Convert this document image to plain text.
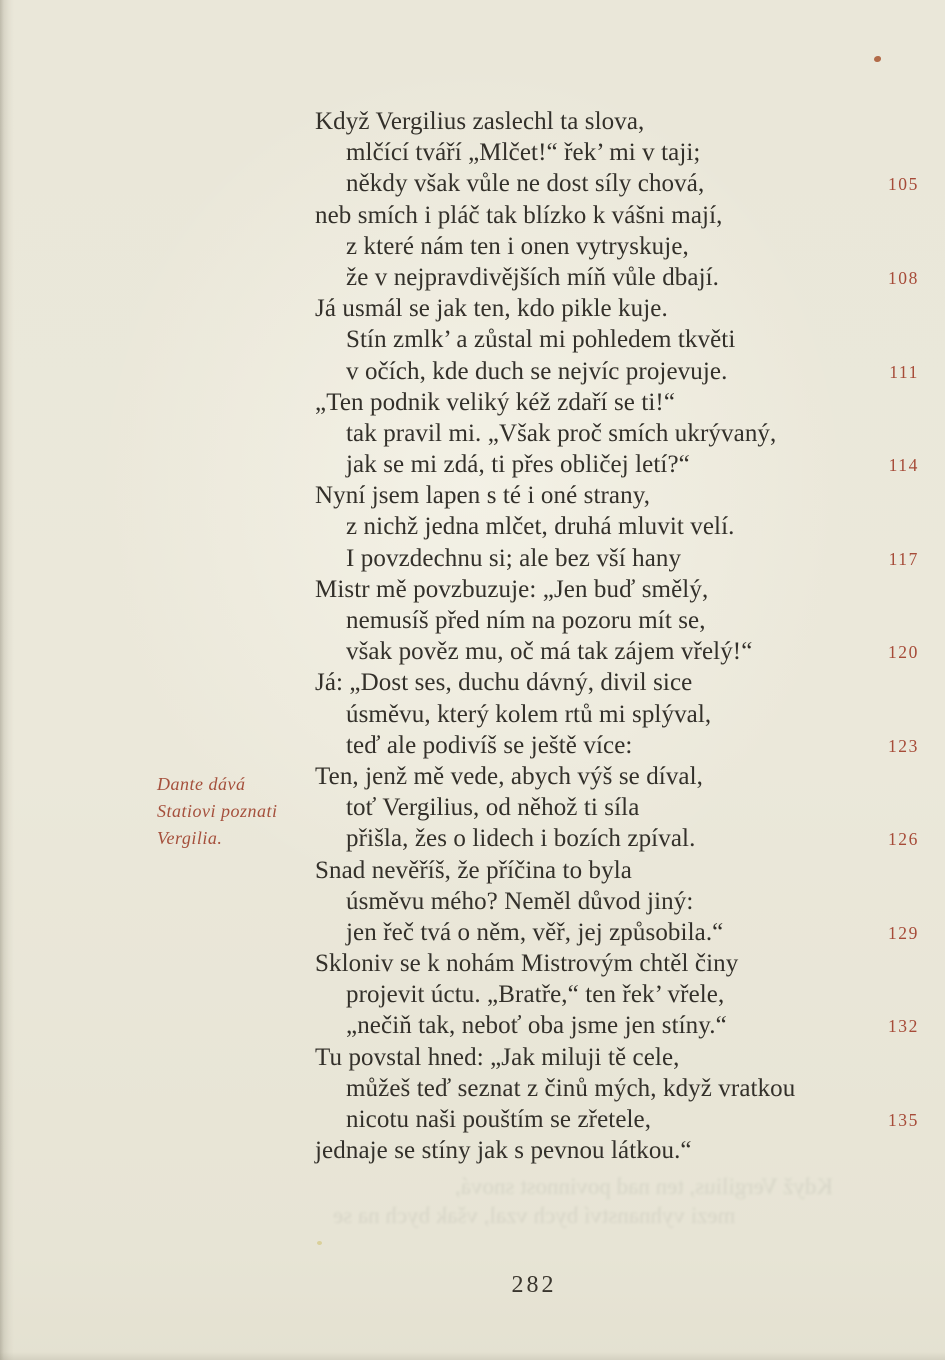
Když Vergilius, ten nad povinnost snová,
mezi vyhnanství bych vzal, však bych na se
Dante dává
Statiovi poznati
Vergilia.
Když Vergilius zaslechl ta slova,
mlčící tváří „Mlčet!“ řek’ mi v taji;
někdy však vůle ne dost síly chová,	105
neb smích i pláč tak blízko k vášni mají,
z které nám ten i onen vytryskuje,
že v nejpravdivějších míň vůle dbají.	108
Já usmál se jak ten, kdo pikle kuje.
Stín zmlk’ a zůstal mi pohledem tkvěti
v očích, kde duch se nejvíc projevuje.	111
„Ten podnik veliký kéž zdaří se ti!“
tak pravil mi. „Však proč smích ukrývaný,
jak se mi zdá, ti přes obličej letí?“	114
Nyní jsem lapen s té i oné strany,
z nichž jedna mlčet, druhá mluvit velí.
I povzdechnu si; ale bez vší hany	117
Mistr mě povzbuzuje: „Jen buď smělý,
nemusíš před ním na pozoru mít se,
však pověz mu, oč má tak zájem vřelý!“	120
Já: „Dost ses, duchu dávný, divil sice
úsměvu, který kolem rtů mi splýval,
teď ale podivíš se ještě více:	123
Ten, jenž mě vede, abych výš se díval,
toť Vergilius, od něhož ti síla
přišla, žes o lidech i bozích zpíval.	126
Snad nevěříš, že příčina to byla
úsměvu mého? Neměl důvod jiný:
jen řeč tvá o něm, věř, jej způsobila.“	129
Skloniv se k nohám Mistrovým chtěl činy
projevit úctu. „Bratře,“ ten řek’ vřele,
„nečiň tak, neboť oba jsme jen stíny.“	132
Tu povstal hned: „Jak miluji tě cele,
můžeš teď seznat z činů mých, když vratkou
nicotu naši pouštím se zřetele,	135
jednaje se stíny jak s pevnou látkou.“
282
